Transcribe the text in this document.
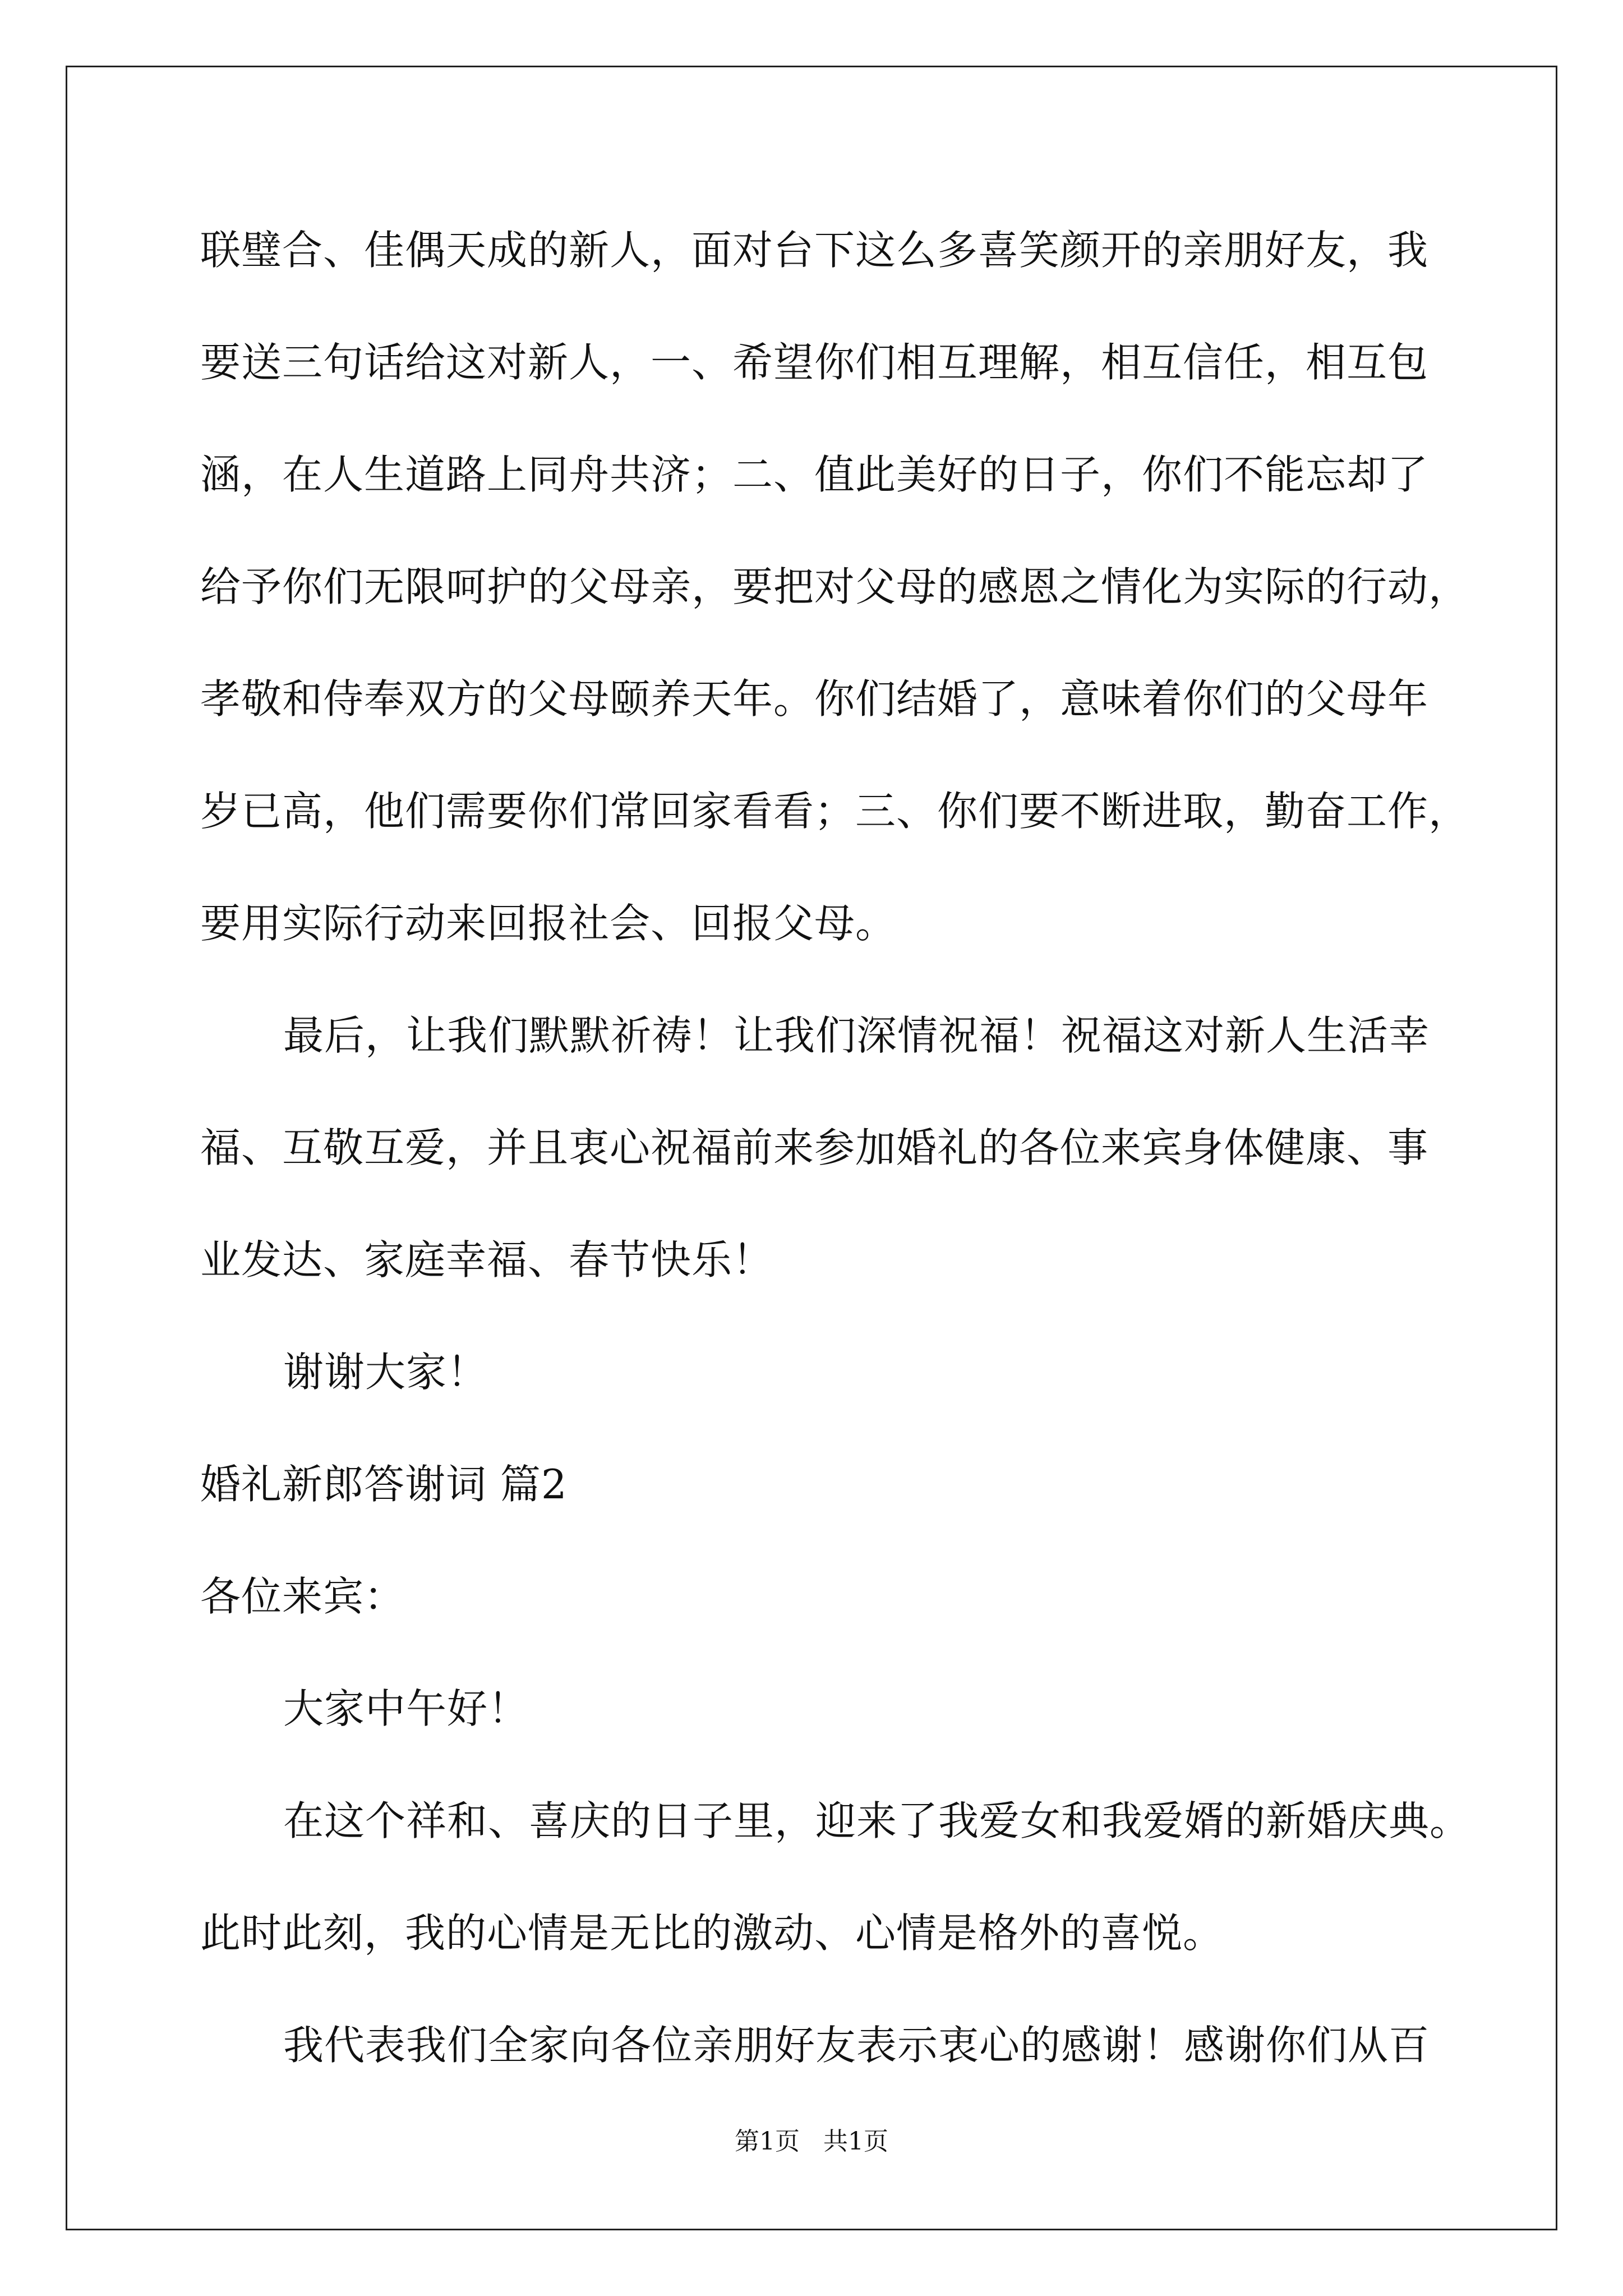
联璧合、佳偶天成的新人，面对台下这么多喜笑颜开的亲朋好友，我
要送三句话给这对新人，一、希望你们相互理解，相互信任，相互包
涵，在人生道路上同舟共济；二、值此美好的日子，你们不能忘却了
给予你们无限呵护的父母亲，要把对父母的感恩之情化为实际的行动，
孝敬和侍奉双方的父母颐养天年。你们结婚了，意味着你们的父母年
岁已高，他们需要你们常回家看看；三、你们要不断进取，勤奋工作，
要用实际行动来回报社会、回报父母。
最后，让我们默默祈祷！让我们深情祝福！祝福这对新人生活幸
福、互敬互爱，并且衷心祝福前来参加婚礼的各位来宾身体健康、事
业发达、家庭幸福、春节快乐！
谢谢大家！
婚礼新郎答谢词 篇2
各位来宾：
大家中午好！
在这个祥和、喜庆的日子里，迎来了我爱女和我爱婿的新婚庆典。
此时此刻，我的心情是无比的激动、心情是格外的喜悦。
我代表我们全家向各位亲朋好友表示衷心的感谢！感谢你们从百
第1页   共1页
